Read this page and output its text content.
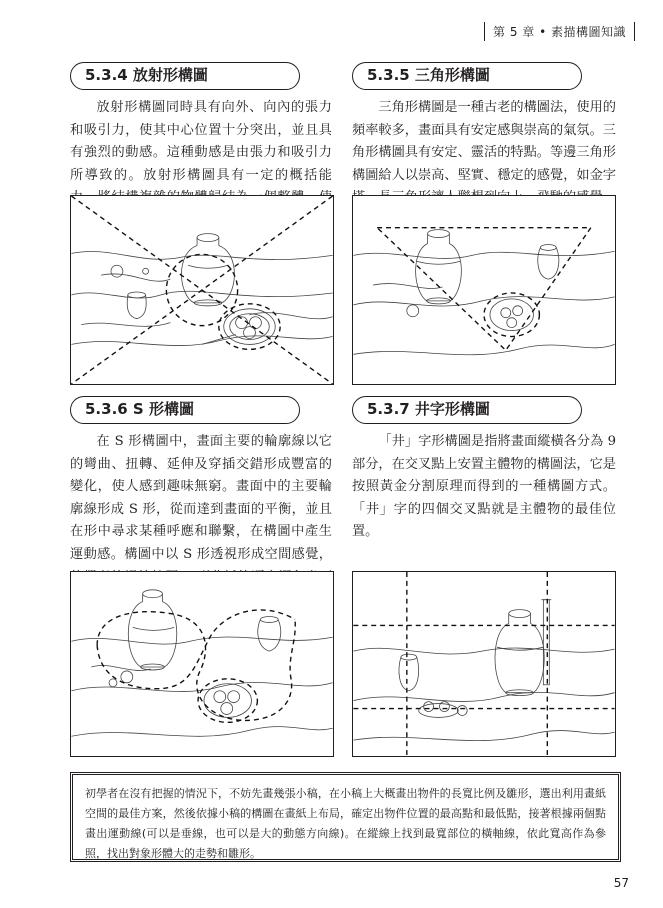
第 5 章 • 素描構圖知識
5.3.4 放射形構圖
放射形構圖同時具有向外、向內的張力和吸引力，使其中心位置十分突出，並且具有強烈的動感。這種動感是由張力和吸引力所導致的。放射形構圖具有一定的概括能
5.3.5 三角形構圖
三角形構圖是一種古老的構圖法，使用的頻率較多，畫面具有安定感與崇高的氣氛。三角形構圖具有安定、靈活的特點。等邊三角形構圖給人以崇高、堅實、穩定的感覺，如金字
5.3.6 S 形構圖
在 S 形構圖中，畫面主要的輪廓線以它的彎曲、扭轉、延伸及穿插交錯形成豐富的變化，使人感到趣味無窮。畫面中的主要輪廓線形成 S 形，從而達到畫面的平衡，並且在形中尋求某種呼應和聯繫，在構圖中產生運動感。構圖中以 S 形透視形成空間感覺，
5.3.7 井字形構圖
「井」字形構圖是指將畫面縱橫各分為 9 部分，在交叉點上安置主體物的構圖法，它是按照黃金分割原理而得到的一種構圖方式。「井」字的四個交叉點就是主體物的最佳位置。
初學者在沒有把握的情況下，不妨先畫幾張小稿，在小稿上大概畫出物件的長寬比例及雛形，選出利用畫紙空間的最佳方案，然後依據小稿的構圖在畫紙上布局，確定出物件位置的最高點和最低點，接著根據兩個點畫出運動線(可以是垂線，也可以是大的動態方向線)。在縱線上找到最寬部位的橫軸線，依此寬高作為參照，找出對象形體大的走勢和雛形。
57
